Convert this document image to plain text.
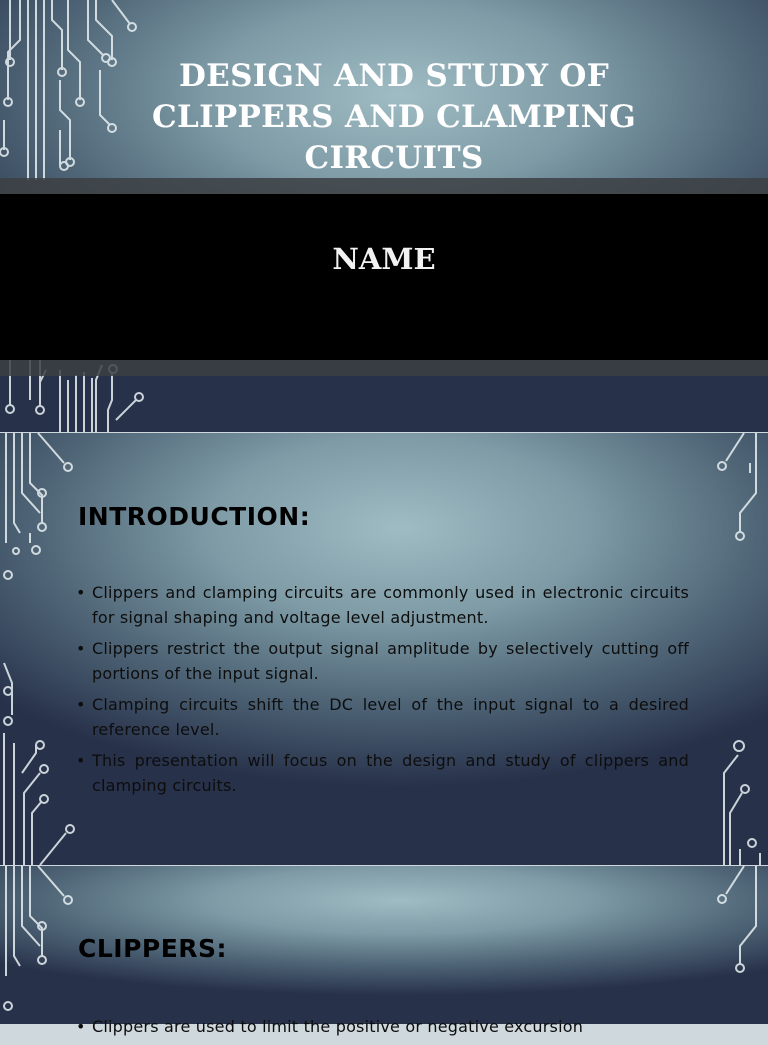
DESIGN AND STUDY OF CLIPPERS AND CLAMPING CIRCUITS
NAME
INTRODUCTION:
• Clippers and clamping circuits are commonly used in electronic circuits for signal shaping and voltage level adjustment.
• Clippers restrict the output signal amplitude by selectively cutting off portions of the input signal.
• Clamping circuits shift the DC level of the input signal to a desired reference level.
• This presentation will focus on the design and study of clippers and clamping circuits.
CLIPPERS:
• Clippers are used to limit the positive or negative excursion
